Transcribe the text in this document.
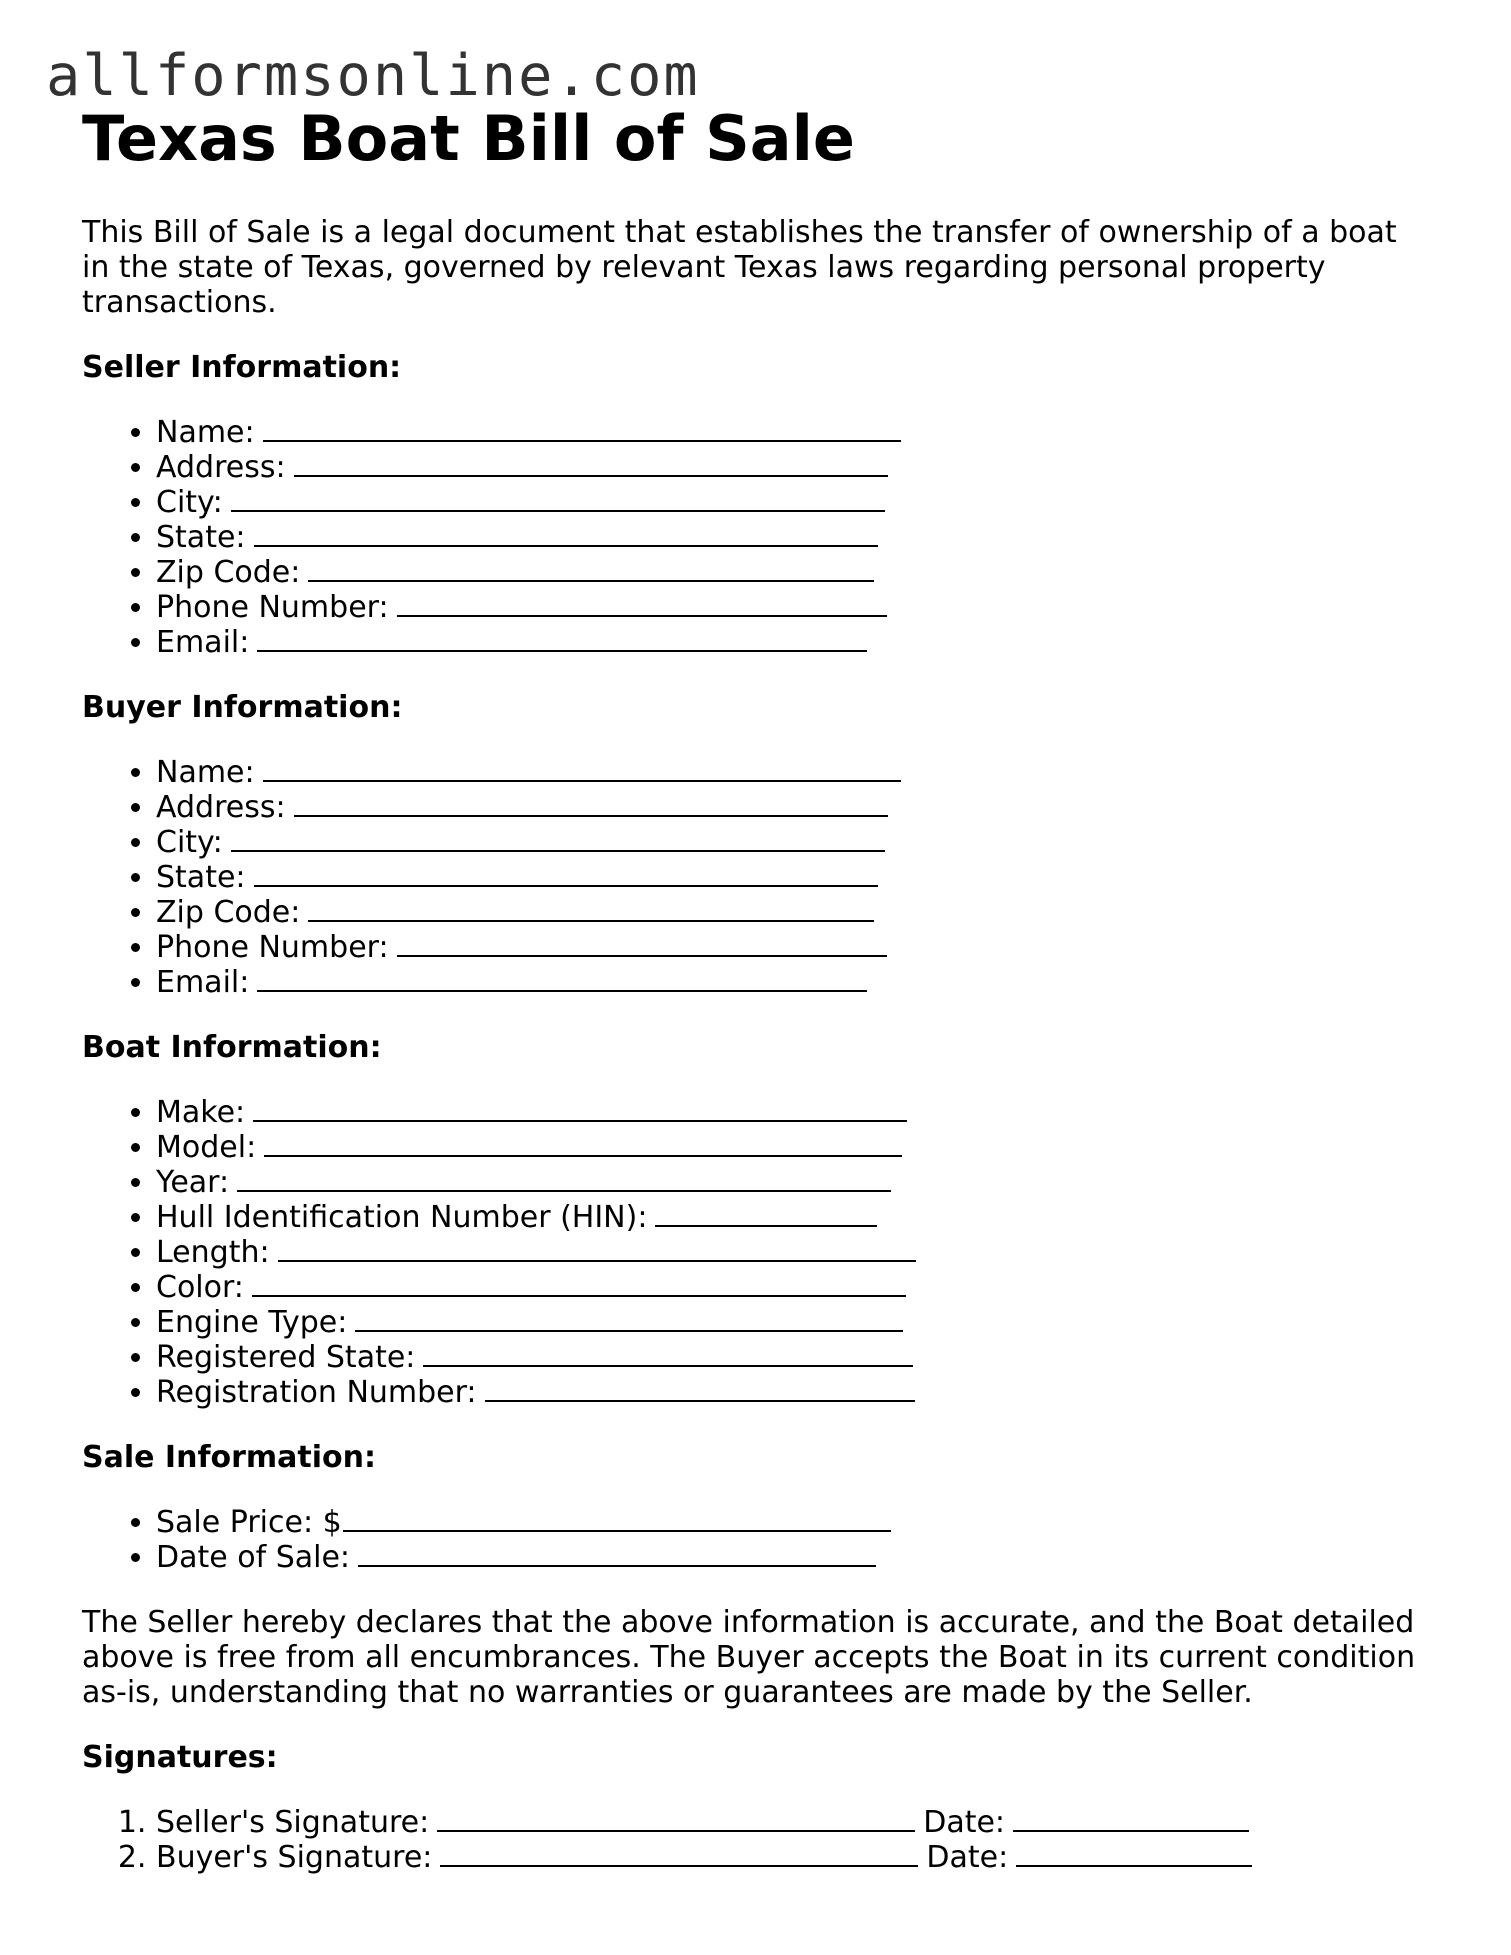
allformsonline.com
Texas Boat Bill of Sale

This Bill of Sale is a legal document that establishes the transfer of ownership of a boat in the state of Texas, governed by relevant Texas laws regarding personal property transactions.

Seller Information:
• Name:
• Address:
• City:
• State:
• Zip Code:
• Phone Number:
• Email:
Buyer Information:
• Name:
• Address:
• City:
• State:
• Zip Code:
• Phone Number:
• Email:
Boat Information:
• Make:
• Model:
• Year:
• Hull Identification Number (HIN):
• Length:
• Color:
• Engine Type:
• Registered State:
• Registration Number:
Sale Information:
• Sale Price: $
• Date of Sale:

The Seller hereby declares that the above information is accurate, and the Boat detailed above is free from all encumbrances. The Buyer accepts the Boat in its current condition as-is, understanding that no warranties or guarantees are made by the Seller.

Signatures:
1. Seller's Signature:	Date:
2. Buyer's Signature:	Date:
